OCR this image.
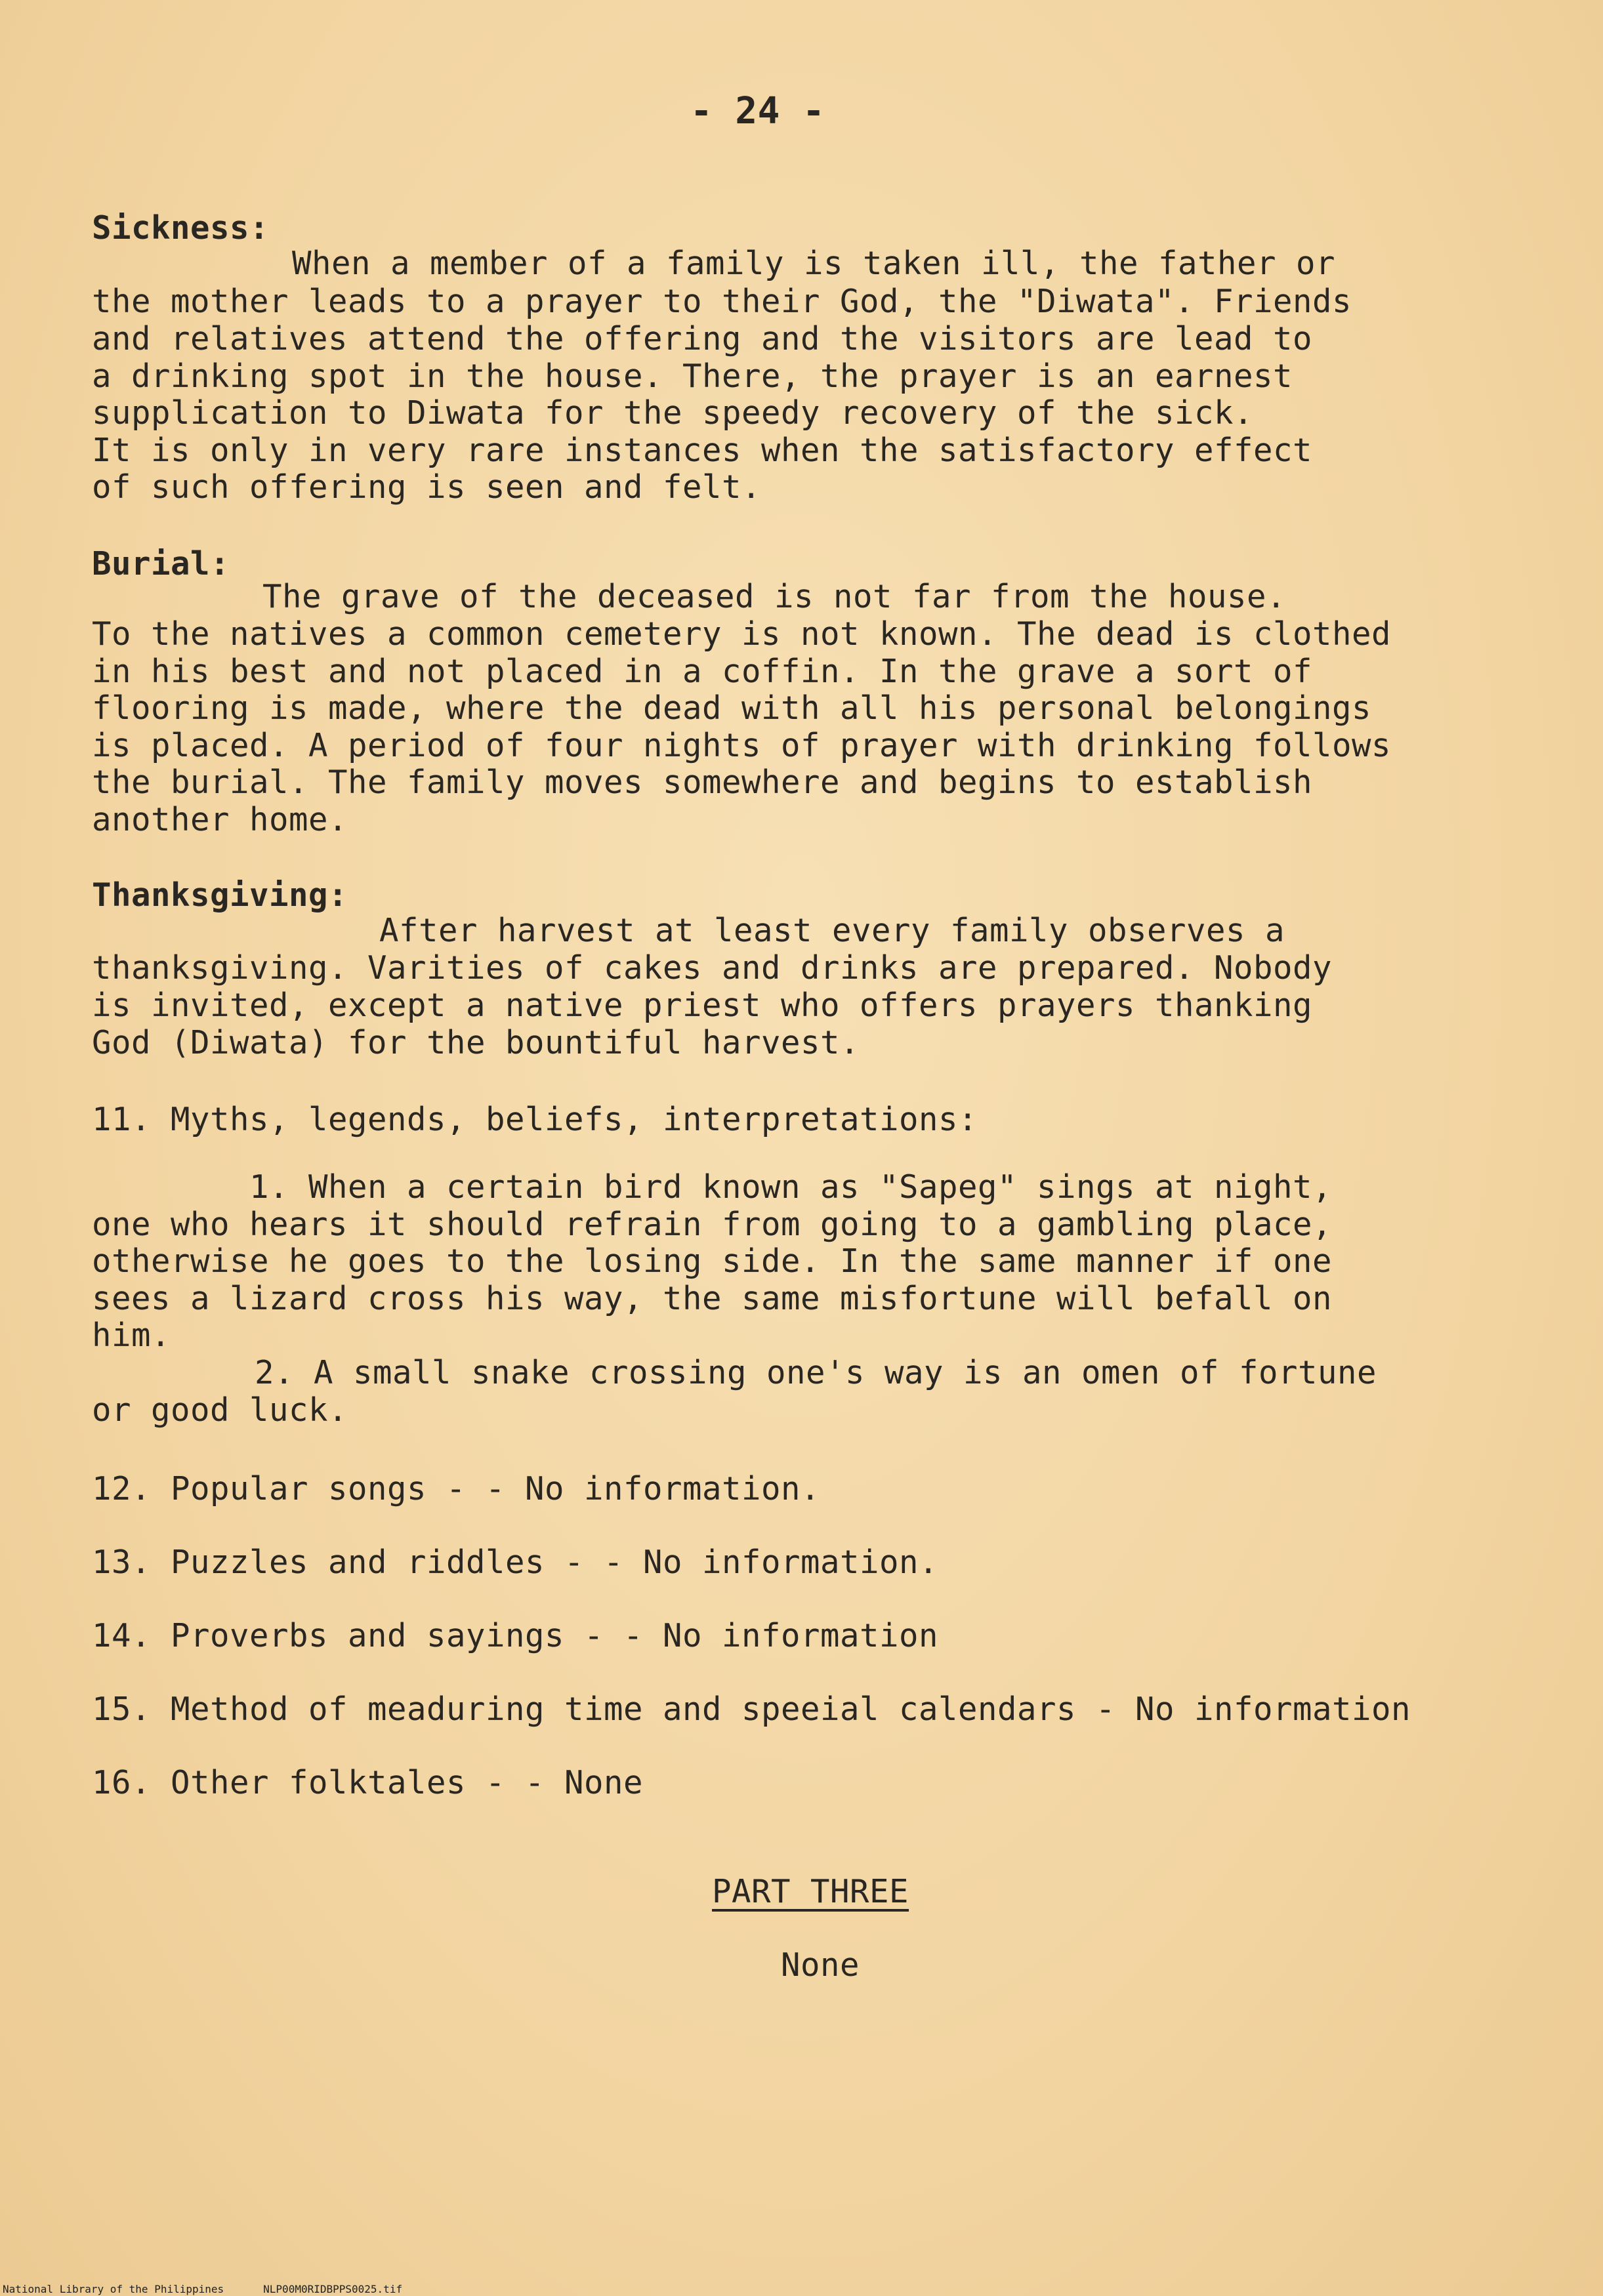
- 24 -
Sickness:
When a member of a family is taken ill, the father or
the mother leads to a prayer to their God, the "Diwata". Friends
and relatives attend the offering and the visitors are lead to
a drinking spot in the house. There, the prayer is an earnest
supplication to Diwata for the speedy recovery of the sick.
It is only in very rare instances when the satisfactory effect
of such offering is seen and felt.
Burial:
The grave of the deceased is not far from the house.
To the natives a common cemetery is not known. The dead is clothed
in his best and not placed in a coffin. In the grave a sort of
flooring is made, where the dead with all his personal belongings
is placed. A period of four nights of prayer with drinking follows
the burial. The family moves somewhere and begins to establish
another home.
Thanksgiving:
After harvest at least every family observes a
thanksgiving. Varities of cakes and drinks are prepared. Nobody
is invited, except a native priest who offers prayers thanking
God (Diwata) for the bountiful harvest.
11. Myths, legends, beliefs, interpretations:
1. When a certain bird known as "Sapeg" sings at night,
one who hears it should refrain from going to a gambling place,
otherwise he goes to the losing side. In the same manner if one
sees a lizard cross his way, the same misfortune will befall on
him.
2. A small snake crossing one's way is an omen of fortune
or good luck.
12. Popular songs - - No information.
13. Puzzles and riddles - - No information.
14. Proverbs and sayings - - No information
15. Method of meaduring time and speeial calendars - No information
16. Other folktales - - None
PART THREE
None
National Library of the Philippines	NLP00M0RIDBPPS0025.tif
